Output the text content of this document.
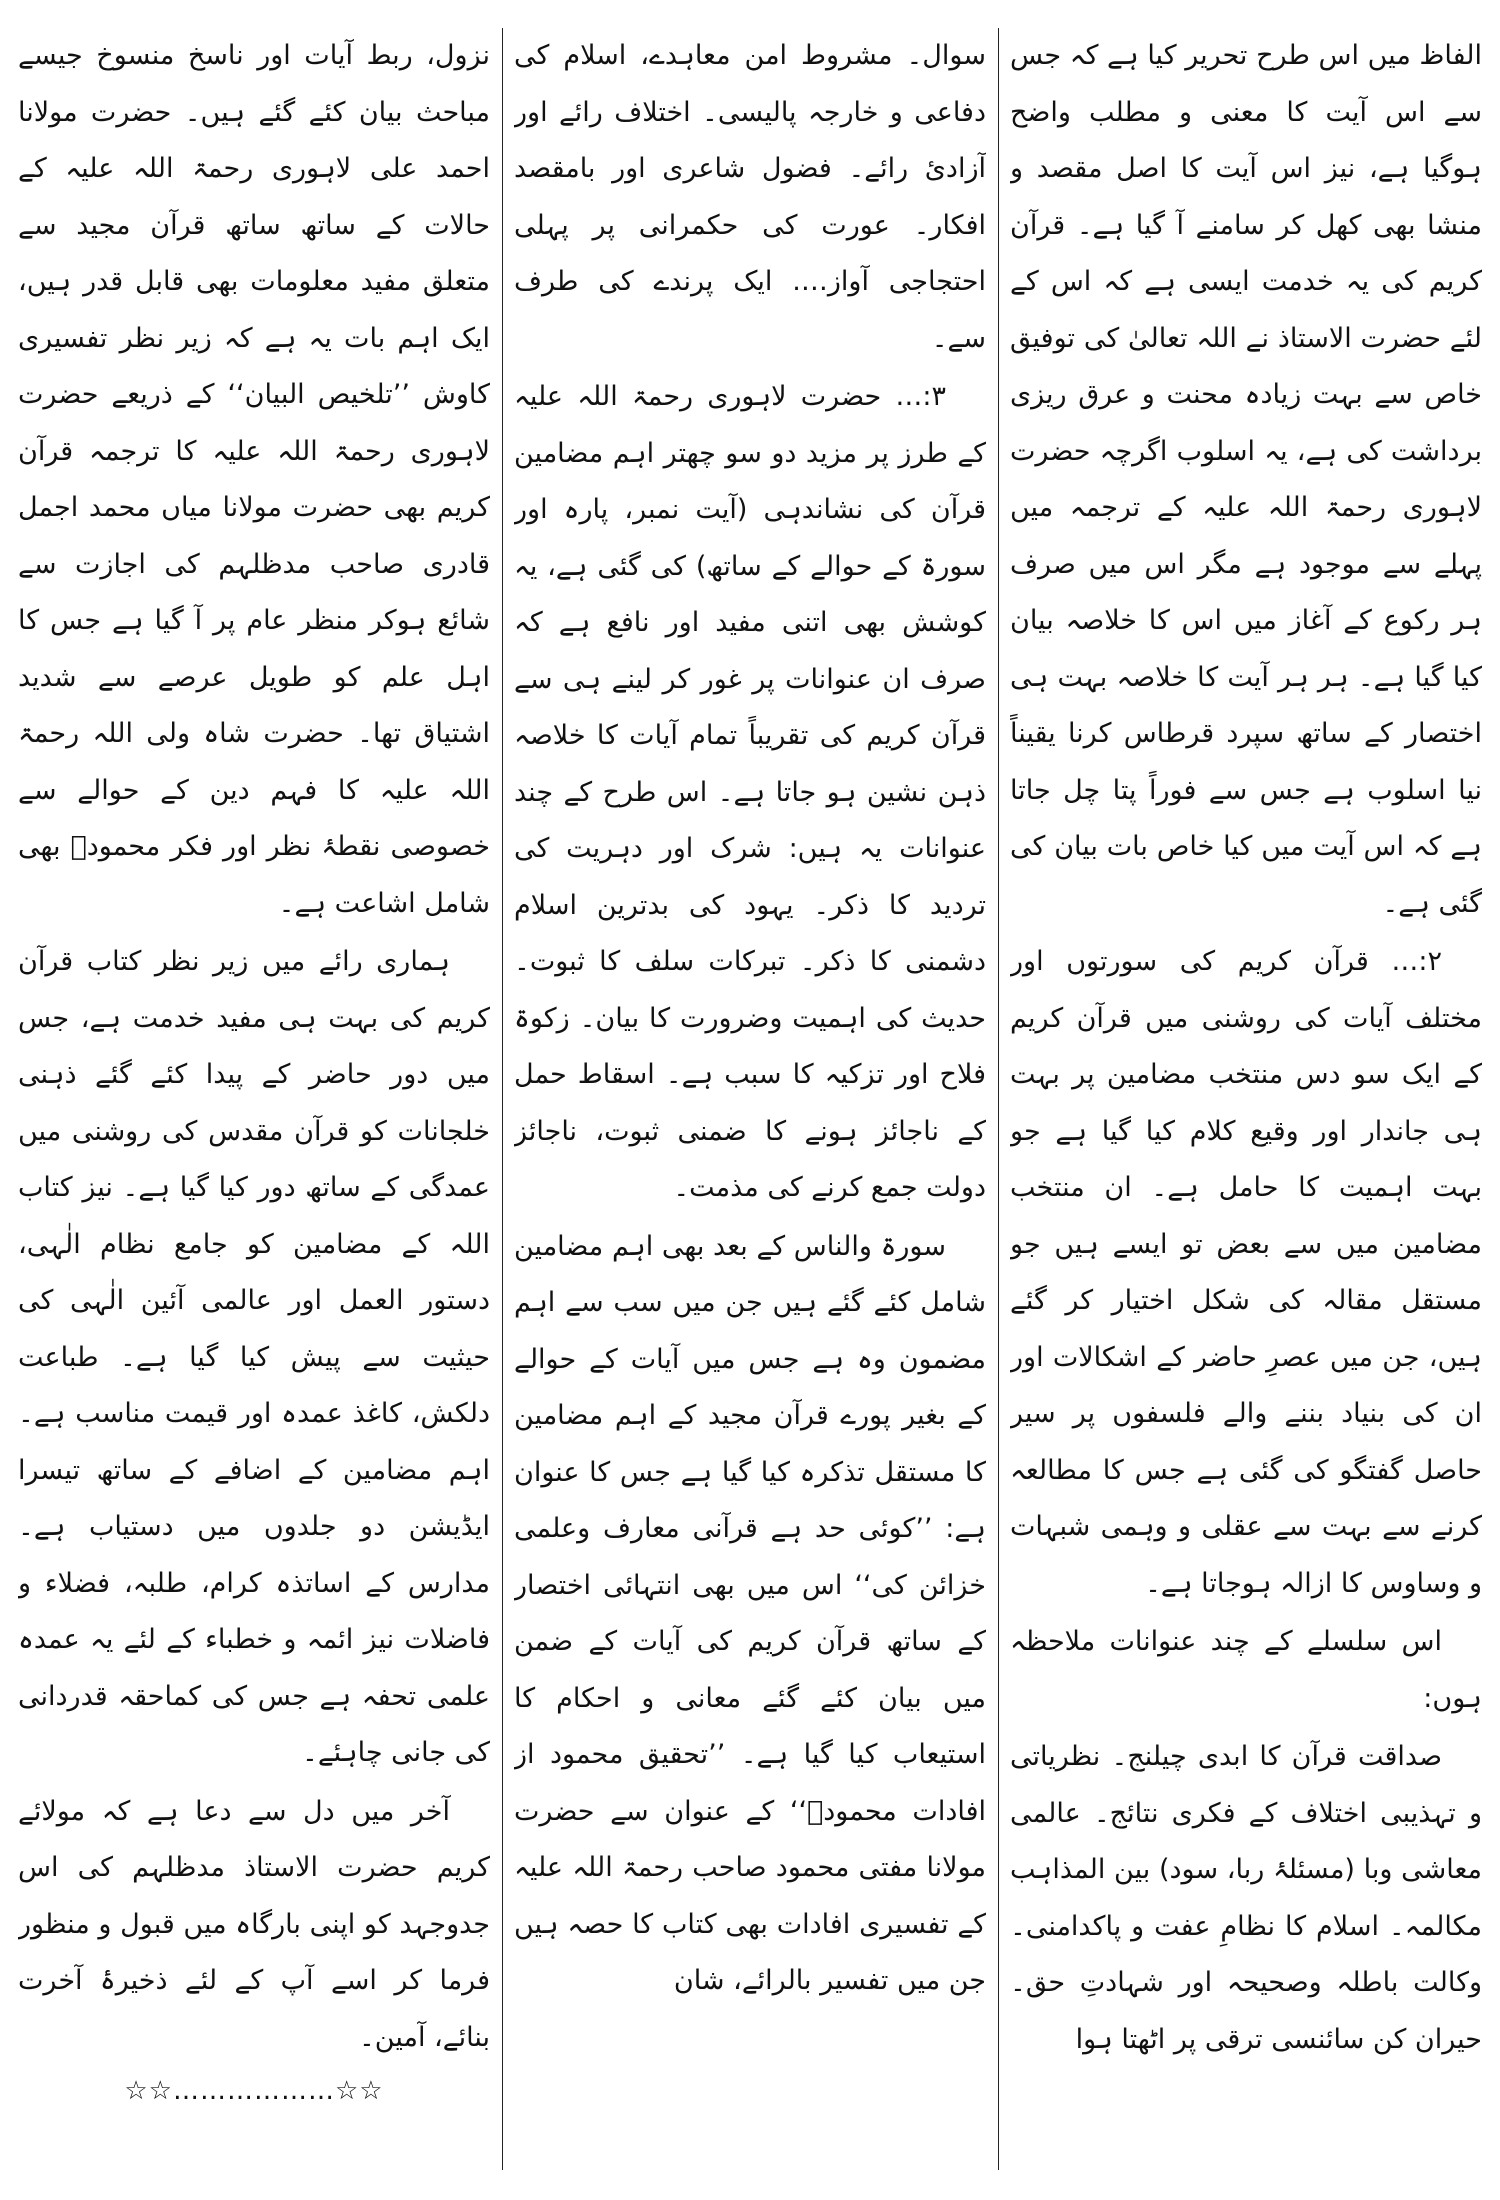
الفاظ میں اس طرح تحریر کیا ہے کہ جس سے اس آیت کا معنی و مطلب واضح ہوگیا ہے، نیز اس آیت کا اصل مقصد و منشا بھی کھل کر سامنے آ گیا ہے۔ قرآن کریم کی یہ خدمت ایسی ہے کہ اس کے لئے حضرت الاستاذ نے اللہ تعالیٰ کی توفیق خاص سے بہت زیادہ محنت و عرق ریزی برداشت کی ہے، یہ اسلوب اگرچہ حضرت لاہوری رحمۃ اللہ علیہ کے ترجمہ میں پہلے سے موجود ہے مگر اس میں صرف ہر رکوع کے آغاز میں اس کا خلاصہ بیان کیا گیا ہے۔ ہر ہر آیت کا خلاصہ بہت ہی اختصار کے ساتھ سپرد قرطاس کرنا یقیناً نیا اسلوب ہے جس سے فوراً پتا چل جاتا ہے کہ اس آیت میں کیا خاص بات بیان کی گئی ہے۔

۲:… قرآن کریم کی سورتوں اور مختلف آیات کی روشنی میں قرآن کریم کے ایک سو دس منتخب مضامین پر بہت ہی جاندار اور وقیع کلام کیا گیا ہے جو بہت اہمیت کا حامل ہے۔ ان منتخب مضامین میں سے بعض تو ایسے ہیں جو مستقل مقالہ کی شکل اختیار کر گئے ہیں، جن میں عصرِ حاضر کے اشکالات اور ان کی بنیاد بننے والے فلسفوں پر سیر حاصل گفتگو کی گئی ہے جس کا مطالعہ کرنے سے بہت سے عقلی و وہمی شبہات و وساوس کا ازالہ ہوجاتا ہے۔

اس سلسلے کے چند عنوانات ملاحظہ ہوں:

صداقت قرآن کا ابدی چیلنج۔ نظریاتی و تہذیبی اختلاف کے فکری نتائج۔ عالمی معاشی وبا (مسئلۂ ربا، سود) بین المذاہب مکالمہ۔ اسلام کا نظامِ عفت و پاکدامنی۔ وکالت باطلہ وصحیحہ اور شہادتِ حق۔ حیران کن سائنسی ترقی پر اٹھتا ہوا

سوال۔ مشروط امن معاہدے، اسلام کی دفاعی و خارجہ پالیسی۔ اختلاف رائے اور آزادیٔ رائے۔ فضول شاعری اور بامقصد افکار۔ عورت کی حکمرانی پر پہلی احتجاجی آواز…. ایک پرندے کی طرف سے۔

۳:… حضرت لاہوری رحمۃ اللہ علیہ کے طرز پر مزید دو سو چھتر اہم مضامین قرآن کی نشاندہی (آیت نمبر، پارہ اور سورۃ کے حوالے کے ساتھ) کی گئی ہے، یہ کوشش بھی اتنی مفید اور نافع ہے کہ صرف ان عنوانات پر غور کر لینے ہی سے قرآن کریم کی تقریباً تمام آیات کا خلاصہ ذہن نشین ہو جاتا ہے۔ اس طرح کے چند عنوانات یہ ہیں: شرک اور دہریت کی تردید کا ذکر۔ یہود کی بدترین اسلام دشمنی کا ذکر۔ تبرکات سلف کا ثبوت۔ حدیث کی اہمیت وضرورت کا بیان۔ زکوۃ فلاح اور تزکیہ کا سبب ہے۔ اسقاط حمل کے ناجائز ہونے کا ضمنی ثبوت، ناجائز دولت جمع کرنے کی مذمت۔

سورۃ والناس کے بعد بھی اہم مضامین شامل کئے گئے ہیں جن میں سب سے اہم مضمون وہ ہے جس میں آیات کے حوالے کے بغیر پورے قرآن مجید کے اہم مضامین کا مستقل تذکرہ کیا گیا ہے جس کا عنوان ہے: ’’کوئی حد ہے قرآنی معارف وعلمی خزائن کی‘‘ اس میں بھی انتہائی اختصار کے ساتھ قرآن کریم کی آیات کے ضمن میں بیان کئے گئے معانی و احکام کا استیعاب کیا گیا ہے۔ ’’تحقیق محمود از افادات محمودؒ‘‘ کے عنوان سے حضرت مولانا مفتی محمود صاحب رحمۃ اللہ علیہ کے تفسیری افادات بھی کتاب کا حصہ ہیں جن میں تفسیر بالرائے، شان

نزول، ربط آیات اور ناسخ منسوخ جیسے مباحث بیان کئے گئے ہیں۔ حضرت مولانا احمد علی لاہوری رحمۃ اللہ علیہ کے حالات کے ساتھ ساتھ قرآن مجید سے متعلق مفید معلومات بھی قابل قدر ہیں، ایک اہم بات یہ ہے کہ زیر نظر تفسیری کاوش ’’تلخیص البیان‘‘ کے ذریعے حضرت لاہوری رحمۃ اللہ علیہ کا ترجمہ قرآن کریم بھی حضرت مولانا میاں محمد اجمل قادری صاحب مدظلہم کی اجازت سے شائع ہوکر منظر عام پر آ گیا ہے جس کا اہل علم کو طویل عرصے سے شدید اشتیاق تھا۔ حضرت شاہ ولی اللہ رحمۃ اللہ علیہ کا فہم دین کے حوالے سے خصوصی نقطۂ نظر اور فکر محمودؒ بھی شامل اشاعت ہے۔

ہماری رائے میں زیر نظر کتاب قرآن کریم کی بہت ہی مفید خدمت ہے، جس میں دور حاضر کے پیدا کئے گئے ذہنی خلجانات کو قرآن مقدس کی روشنی میں عمدگی کے ساتھ دور کیا گیا ہے۔ نیز کتاب اللہ کے مضامین کو جامع نظام الٰہی، دستور العمل اور عالمی آئین الٰہی کی حیثیت سے پیش کیا گیا ہے۔ طباعت دلکش، کاغذ عمدہ اور قیمت مناسب ہے۔ اہم مضامین کے اضافے کے ساتھ تیسرا ایڈیشن دو جلدوں میں دستیاب ہے۔ مدارس کے اساتذہ کرام، طلبہ، فضلاء و فاضلات نیز ائمہ و خطباء کے لئے یہ عمدہ علمی تحفہ ہے جس کی کماحقہ قدردانی کی جانی چاہئے۔

آخر میں دل سے دعا ہے کہ مولائے کریم حضرت الاستاذ مدظلہم کی اس جدوجہد کو اپنی بارگاہ میں قبول و منظور فرما کر اسے آپ کے لئے ذخیرۂ آخرت بنائے، آمین۔

☆☆………………☆☆
